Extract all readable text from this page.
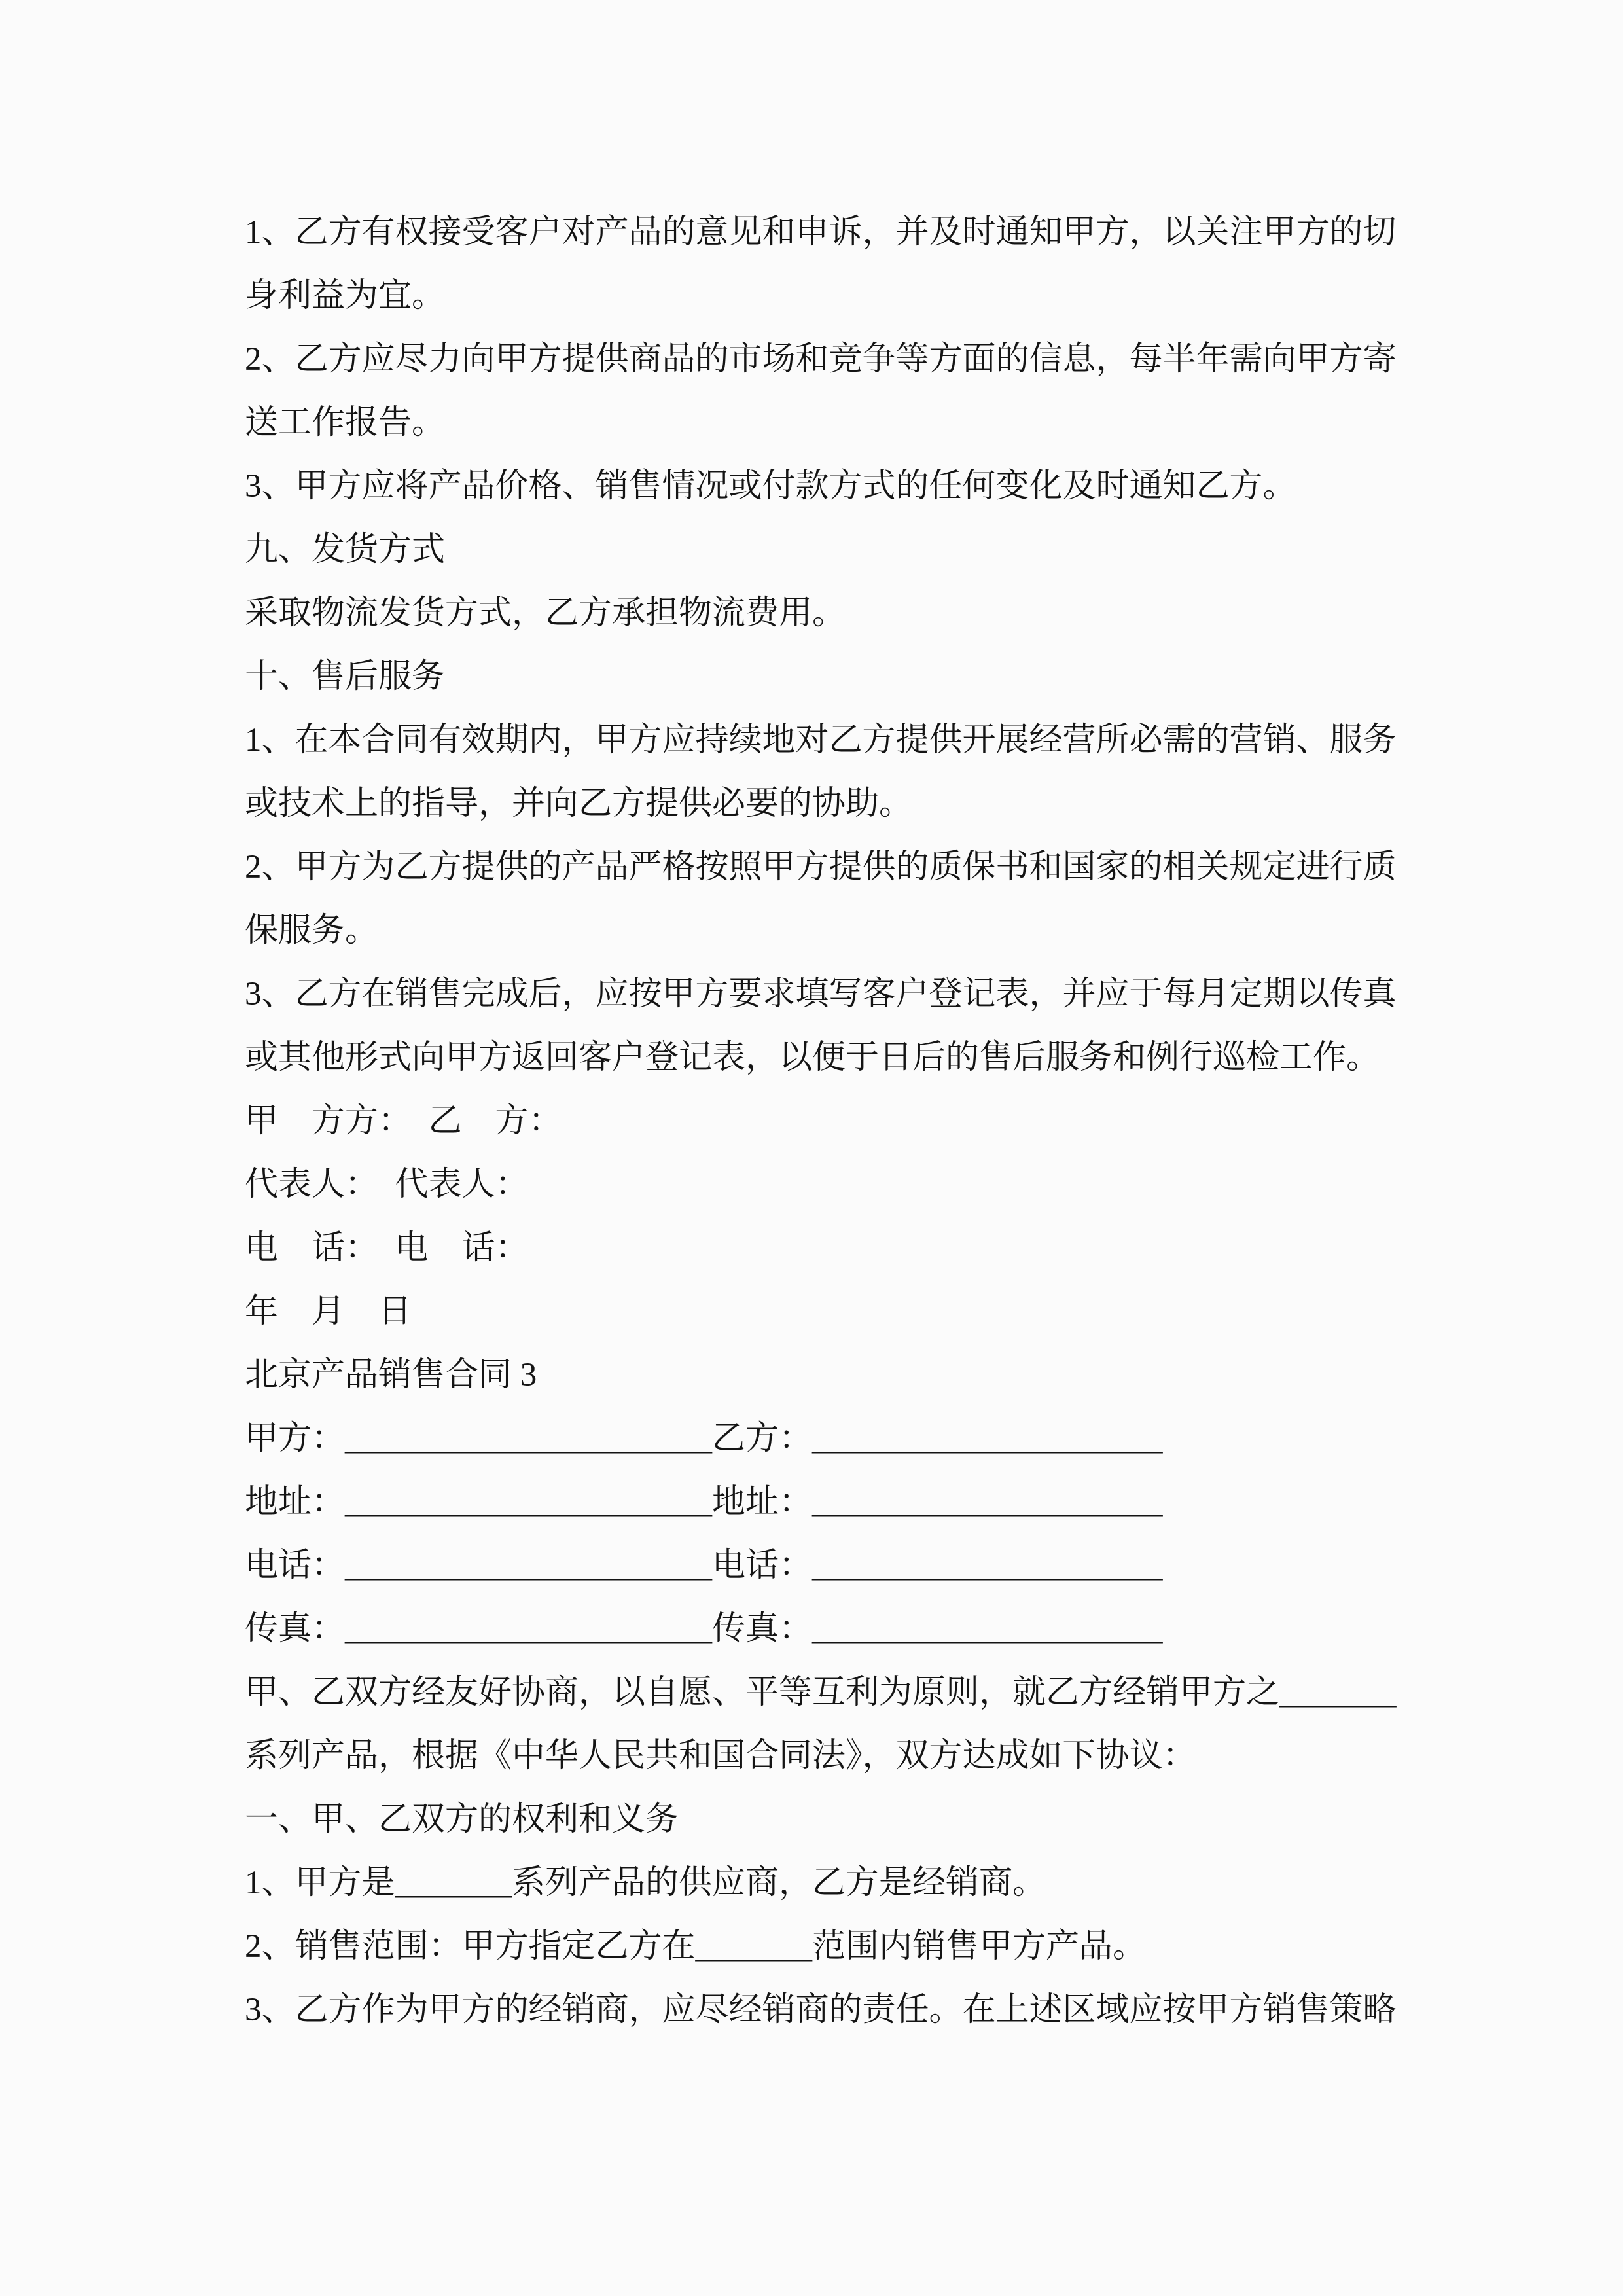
1、乙方有权接受客户对产品的意见和申诉，并及时通知甲方，以关注甲方的切
身利益为宜。
2、乙方应尽力向甲方提供商品的市场和竞争等方面的信息，每半年需向甲方寄
送工作报告。
3、甲方应将产品价格、销售情况或付款方式的任何变化及时通知乙方。
九、发货方式
采取物流发货方式，乙方承担物流费用。
十、售后服务
1、在本合同有效期内，甲方应持续地对乙方提供开展经营所必需的营销、服务
或技术上的指导，并向乙方提供必要的协助。
2、甲方为乙方提供的产品严格按照甲方提供的质保书和国家的相关规定进行质
保服务。
3、乙方在销售完成后，应按甲方要求填写客户登记表，并应于每月定期以传真
或其他形式向甲方返回客户登记表，以便于日后的售后服务和例行巡检工作。
甲　方方：　乙　方：
代表人：　代表人：
电　话：　电　话：
年　月　日
北京产品销售合同 3
甲方：______________________乙方：_____________________
地址：______________________地址：_____________________
电话：______________________电话：_____________________
传真：______________________传真：_____________________
甲、乙双方经友好协商，以自愿、平等互利为原则，就乙方经销甲方之_______
系列产品，根据《中华人民共和国合同法》，双方达成如下协议：
一、甲、乙双方的权利和义务
1、甲方是_______系列产品的供应商，乙方是经销商。
2、销售范围：甲方指定乙方在_______范围内销售甲方产品。
3、乙方作为甲方的经销商，应尽经销商的责任。在上述区域应按甲方销售策略
